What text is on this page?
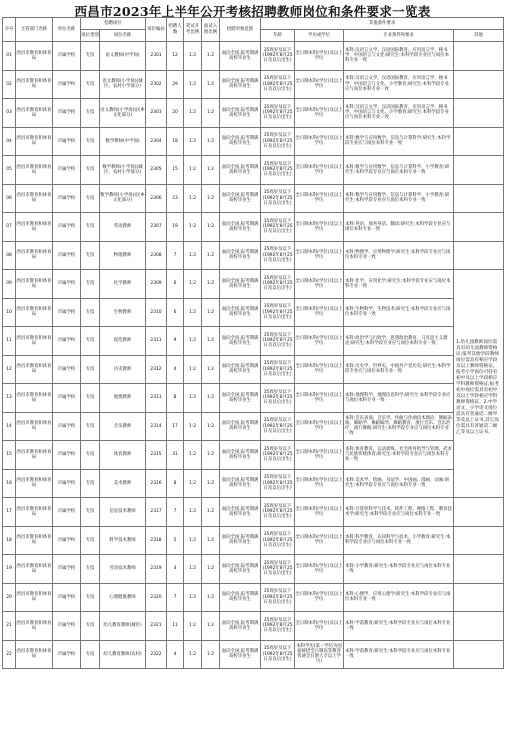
西昌市2023年上半年公开考核招聘教师岗位和条件要求一览表
序号	主管部门名称	单位名称	招聘岗位		岗位编码	招聘人数	笔试开考比例	面试入围比例	招聘对象范围	其他条件要求			
			岗位类别	岗位名称						年龄	学历或学位	专业条件和要求	其他
01	西昌市教育和体育局	市属学校	专技	语文教师(中学岗)	2301	12	1:2	1:2	面向全国,报考期满高校毕业生	35周岁及以下(1992年8月25日及以后出生)	全日制本科(学位)及以上学历	本科:汉语言文学、汉语国际教育、应用语言学、秘书学、中国语言与文化;研究生:本科学段专业应与岗位本科专业一致	
02	西昌市教育和体育局	市属学校	专技	语文教师(小学岗)(城区、农村小学部分)	2302	29	1:2	1:2	面向全国,报考期满高校毕业生	35周岁及以下(1992年8月25日及以后出生)	全日制本科(学位)及以上学历	本科:汉语言文学、汉语国际教育、应用语言学、秘书学、中国语言与文化、小学教育;研究生:本科学段专业应与岗位本科专业一致	
03	西昌市教育和体育局	市属学校	专技	语文教师(小学岗)(民乡文化部分)	2303	20	1:2	1:2	面向全国,报考期满高校毕业生	35周岁及以下(1992年8月25日及以后出生)	全日制本科(学位)及以上学历	本科:汉语言文学、汉语国际教育、应用语言学、秘书学、中国语言与文化、小学教育;研究生:本科学段专业应与岗位本科专业一致	
04	西昌市教育和体育局	市属学校	专技	数学教师(中学岗)	2304	18	1:2	1:2	面向全国,报考期满高校毕业生	35周岁及以下(1992年8月25日及以后出生)	全日制本科(学位)及以上学历	本科:数学与应用数学、信息与计算科学;研究生:本科学段专业应与岗位本科专业一致	
05	西昌市教育和体育局	市属学校	专技	数学教师(小学岗)(城区、农村小学部分)	2305	15	1:2	1:2	面向全国,报考期满高校毕业生	35周岁及以下(1992年8月25日及以后出生)	全日制本科(学位)及以上学历	本科:数学与应用数学、信息与计算科学、小学教育;研究生:本科学段专业应与岗位本科专业一致	
06	西昌市教育和体育局	市属学校	专技	数学教师(小学岗)(民乡文化部分)	2306	23	1:2	1:2	面向全国,报考期满高校毕业生	35周岁及以下(1992年8月25日及以后出生)	全日制本科(学位)及以上学历	本科:数学与应用数学、信息与计算科学、小学教育;研究生:本科学段专业应与岗位本科专业一致	
07	西昌市教育和体育局	市属学校	专技	英语教师	2307	19	1:2	1:2	面向全国,报考期满高校毕业生	35周岁及以下(1992年8月25日及以后出生)	全日制本科(学位)及以上学历	本科:英语、商务英语、翻译;研究生:本科学段专业应与岗位本科专业一致	
08	西昌市教育和体育局	市属学校	专技	物理教师	2308	7	1:2	1:2	面向全国,报考期满高校毕业生	35周岁及以下(1992年8月25日及以后出生)	全日制本科(学位)及以上学历	本科:物理学、应用物理学;研究生:本科学段专业应与岗位本科专业一致	
09	西昌市教育和体育局	市属学校	专技	化学教师	2309	6	1:2	1:2	面向全国,报考期满高校毕业生	35周岁及以下(1992年8月25日及以后出生)	全日制本科(学位)及以上学历	本科:化学、应用化学;研究生:本科学段专业应与岗位本科专业一致	1.幼儿园教师岗位需具有幼儿园教师资格证;报考其他学段教师岗位需具有相应学段及以上教师资格证。报考小学岗位可持有初中及以上学段相应学科教师资格证;报考初中岗位需具有初中及以上学段相应学科教师资格证。2.中学语文、小学语文岗位需具有普通话二级甲等及以上证书,其它岗位需具有普通话二级乙等及以上证书。
10	西昌市教育和体育局	市属学校	专技	生物教师	2310	6	1:2	1:2	面向全国,报考期满高校毕业生	35周岁及以下(1992年8月25日及以后出生)	全日制本科(学位)及以上学历	本科:生物科学、生物技术;研究生:本科学段专业应与岗位本科专业一致	
11	西昌市教育和体育局	市属学校	专技	政治教师	2311	9	1:2	1:2	面向全国,报考期满高校毕业生	35周岁及以下(1992年8月25日及以后出生)	全日制本科(学位)及以上学历	本科:政治学与行政学、思想政治教育、马克思主义理论;研究生:本科学段专业应与岗位本科专业一致	
12	西昌市教育和体育局	市属学校	专技	历史教师	2312	4	1:2	1:2	面向全国,报考期满高校毕业生	35周岁及以下(1992年8月25日及以后出生)	全日制本科(学位)及以上学历	本科:历史学、世界史、中国共产党历史;研究生:本科学段专业应与岗位本科专业一致	
13	西昌市教育和体育局	市属学校	专技	地理教师	2313	8	1:2	1:2	面向全国,报考期满高校毕业生	35周岁及以下(1992年8月25日及以后出生)	全日制本科(学位)及以上学历	本科:地理科学、地理信息科学;研究生:本科学段专业应与岗位本科专业一致	
14	西昌市教育和体育局	市属学校	专技	音乐教师	2314	17	1:2	1:2	面向全国,报考期满高校毕业生	35周岁及以下(1992年8月25日及以后出生)	全日制本科(学位)及以上学历	本科:音乐表演、音乐学、作曲与作曲技术理论、舞蹈表演、舞蹈学、舞蹈编导、舞蹈教育、流行音乐、音乐治疗、流行舞蹈;研究生:本科学段专业应与岗位本科专业一致	
15	西昌市教育和体育局	市属学校	专技	体育教师	2315	31	1:2	1:2	面向全国,报考期满高校毕业生	35周岁及以下(1992年8月25日及以后出生)	全日制本科(学位)及以上学历	本科:体育教育、运动训练、社会体育指导与管理、武术与民族传统体育;研究生:本科学段专业应与岗位本科专业一致	
16	西昌市教育和体育局	市属学校	专技	美术教师	2316	8	1:2	1:2	面向全国,报考期满高校毕业生	35周岁及以下(1992年8月25日及以后出生)	全日制本科(学位)及以上学历	本科:美术学、绘画、书法学、中国画、漫画、动画;研究生:本科学段专业应与岗位本科专业一致	
17	西昌市教育和体育局	市属学校	专技	信息技术教师	2317	7	1:2	1:2	面向全国,报考期满高校毕业生	35周岁及以下(1992年8月25日及以后出生)	全日制本科(学位)及以上学历	本科:计算机科学与技术、软件工程、网络工程、教育技术学;研究生:本科学段专业应与岗位本科专业一致	
18	西昌市教育和体育局	市属学校	专技	科学技术教师	2318	5	1:2	1:2	面向全国,报考期满高校毕业生	35周岁及以下(1992年8月25日及以后出生)	全日制本科(学位)及以上学历	本科:科学教育、认知科学与技术、小学教育;研究生:本科学段专业应与岗位本科专业一致	
19	西昌市教育和体育局	市属学校	专技	劳动技术教师	2319	4	1:2	1:2	面向全国,报考期满高校毕业生	35周岁及以下(1992年8月25日及以后出生)	全日制本科(学位)及以上学历	本科:小学教育;研究生:本科学段专业应与岗位本科专业一致	
20	西昌市教育和体育局	市属学校	专技	心理健康教师	2320	7	1:2	1:2	面向全国,报考期满高校毕业生	35周岁及以下(1992年8月25日及以后出生)	全日制本科(学位)及以上学历	本科:心理学、应用心理学;研究生:本科学段专业应与岗位本科专业一致	
21	西昌市教育和体育局	市属学校	专技	幼儿教育教师(城区)	2321	11	1:2	1:2	面向全国,报考期满高校毕业生	35周岁及以下(1992年8月25日及以后出生)	全日制本科(学位)及以上学历	本科:学前教育;研究生:本科学段专业应与岗位本科专业一致	
22	西昌市教育和体育局	市属学校	专技	幼儿教育教师(农村)	2322	4	1:2	1:2	面向全国,报考期满高校毕业生	35周岁及以下(1992年8月25日及以后出生)	本科学历(第一学历为国家统招全日制高等教育普通全日制大专以上学历)	本科:学前教育;研究生:本科学段专业应与岗位本科专业一致	
